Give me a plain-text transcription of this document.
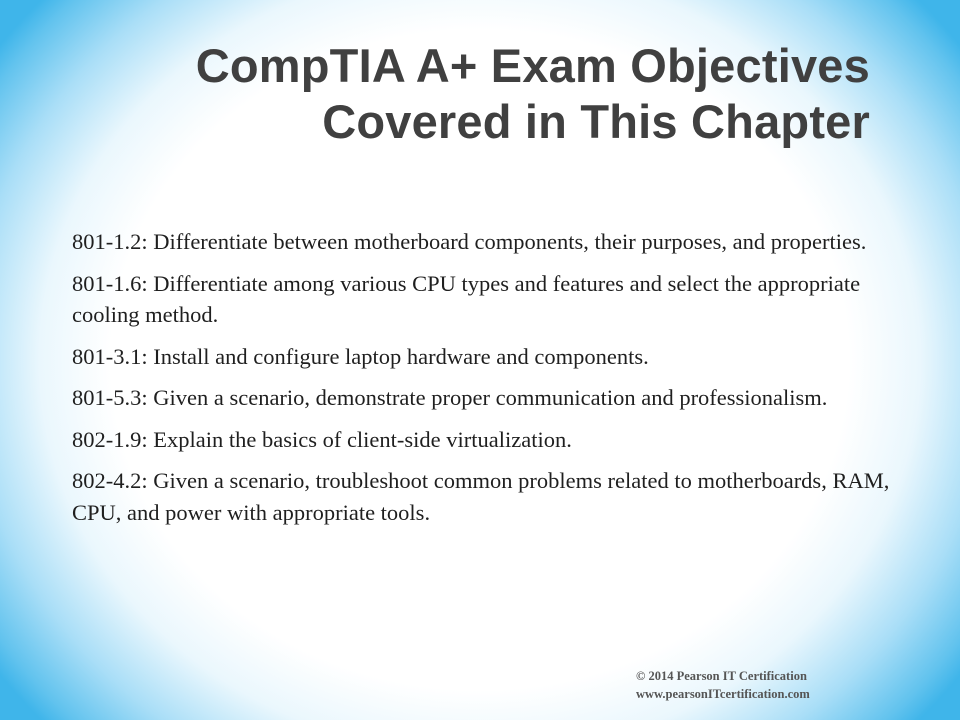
CompTIA A+ Exam Objectives
Covered in This Chapter
801-1.2: Differentiate between motherboard components, their purposes, and properties.
801-1.6: Differentiate among various CPU types and features and select the appropriate cooling method.
801-3.1: Install and configure laptop hardware and components.
801-5.3: Given a scenario, demonstrate proper communication and professionalism.
802-1.9: Explain the basics of client-side virtualization.
802-4.2: Given a scenario, troubleshoot common problems related to motherboards, RAM, CPU, and power with appropriate tools.
© 2014 Pearson IT Certification
www.pearsonITcertification.com
